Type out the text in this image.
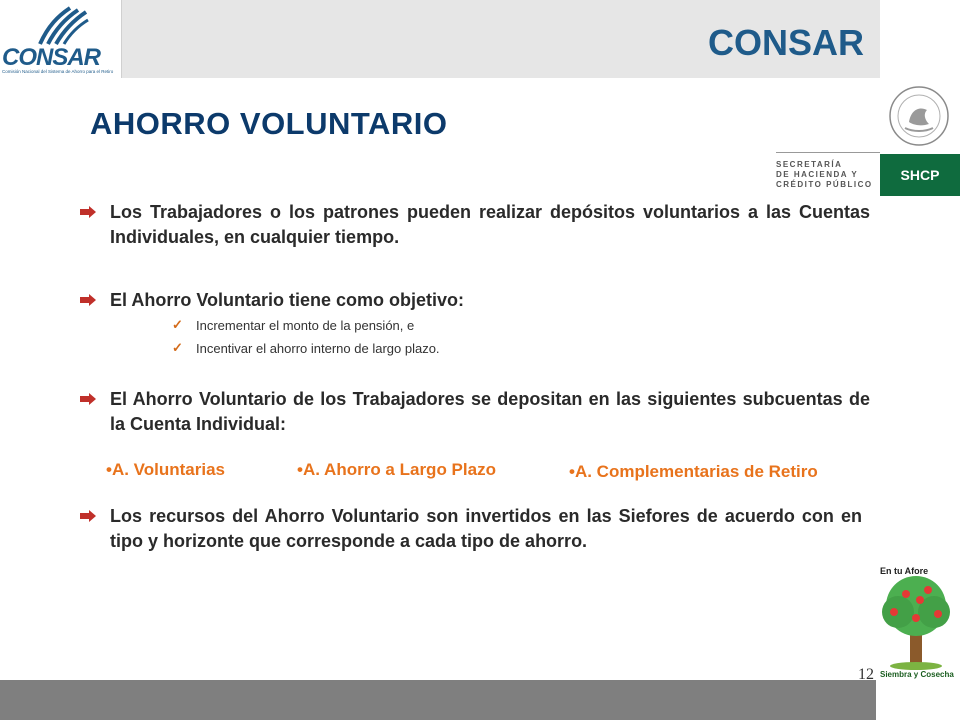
CONSAR
Comisión Nacional del Sistema de Ahorro para el Retiro
CONSAR
SECRETARÍA
DE HACIENDA Y
CRÉDITO PÚBLICO
SHCP
AHORRO VOLUNTARIO
Los Trabajadores o los patrones pueden realizar depósitos voluntarios a las Cuentas Individuales, en cualquier tiempo.
El Ahorro Voluntario tiene como objetivo:
✓ Incrementar el monto de la pensión, e
✓ Incentivar el ahorro interno de largo plazo.
El Ahorro Voluntario de los Trabajadores se depositan en las siguientes subcuentas de la Cuenta Individual:
•A. Voluntarias	•A. Ahorro a Largo Plazo	•A. Complementarias de Retiro
Los recursos del Ahorro Voluntario son invertidos en las Siefores de acuerdo con en tipo y horizonte que corresponde a cada tipo de ahorro.
En tu Afore
Siembra y Cosecha
12
